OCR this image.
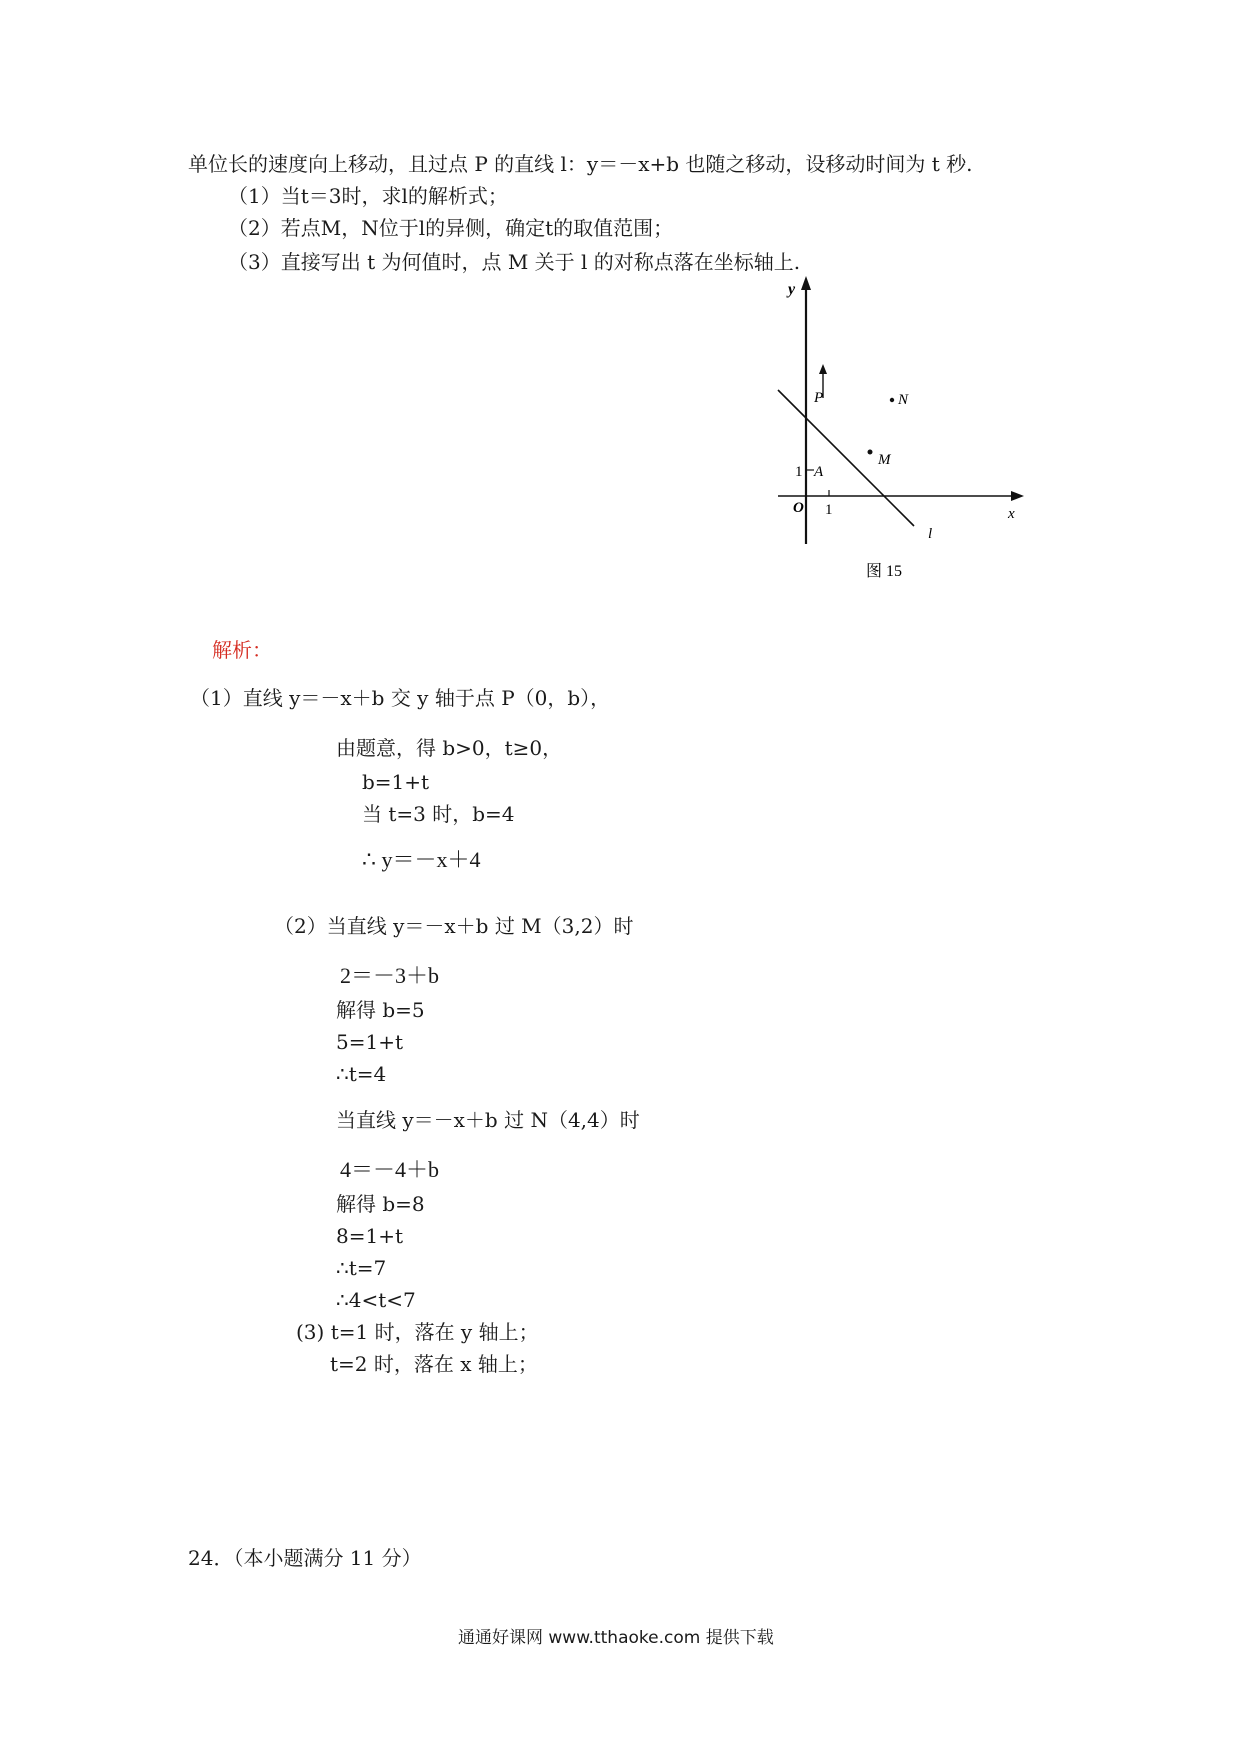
单位长的速度向上移动，且过点 P 的直线 l：y＝－x+b 也随之移动，设移动时间为 t 秒.
（1）当t＝3时，求l的解析式；
（2）若点M，N位于l的异侧，确定t的取值范围；
（3）直接写出 t 为何值时，点 M 关于 l 的对称点落在坐标轴上.
y
x
O 1
1 A
P	N
M
l
图 15
解析：
（1）直线 y＝－x＋b 交 y 轴于点 P（0，b），
由题意，得 b>0，t≥0，
b=1+t
当 t=3 时，b=4
∴ y＝－x＋4
（2）当直线 y＝－x＋b 过 M（3,2）时
2＝－3＋b
解得 b=5
5=1+t
∴t=4
当直线 y＝－x＋b 过 N（4,4）时
4＝－4＋b
解得 b=8
8=1+t
∴t=7
∴4<t<7
(3) t=1 时，落在 y 轴上；
t=2 时，落在 x 轴上；
24．（本小题满分 11 分）
通通好课网 www.tthaoke.com 提供下载
